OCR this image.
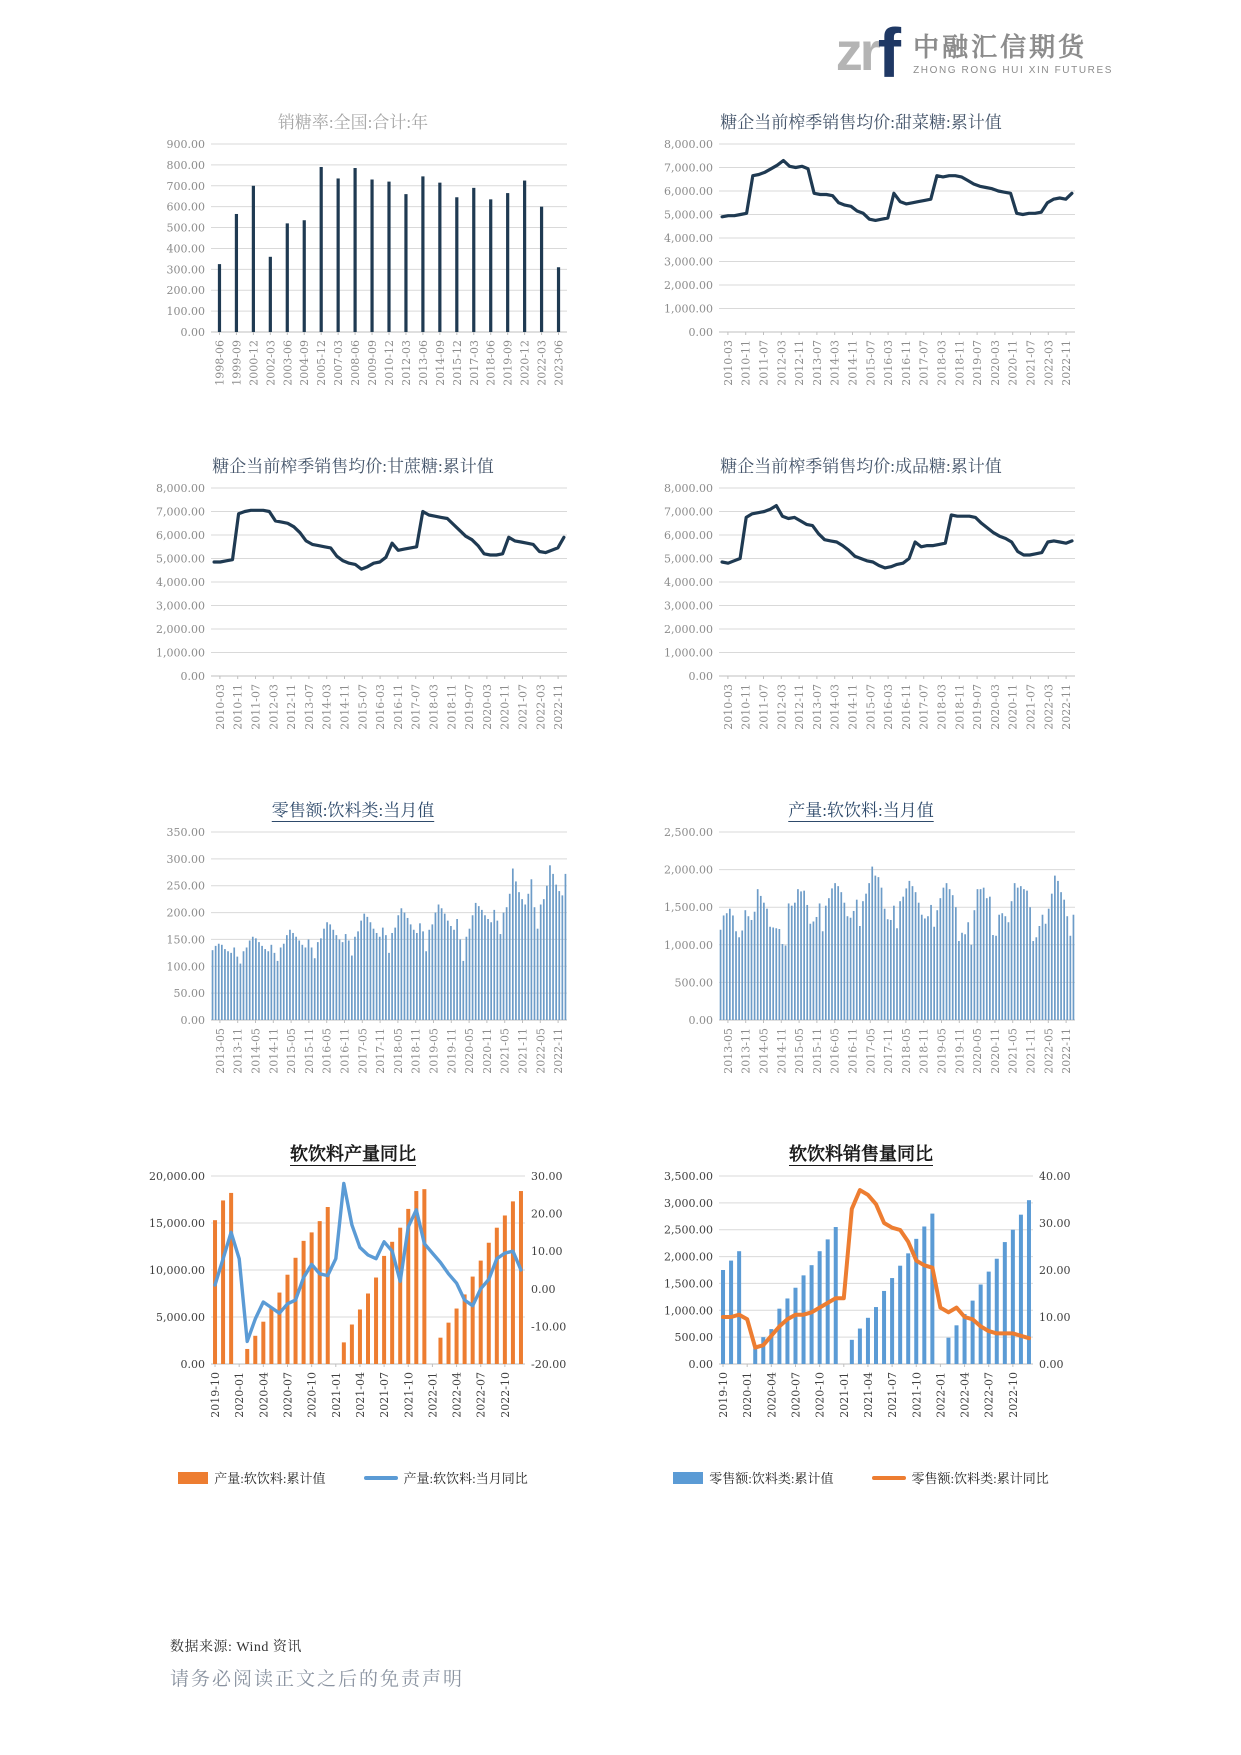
zr f 中融汇信期货
ZHONG RONG HUI XIN FUTURES
销糖率:全国:合计:年
0.00
100.00
200.00
300.00
400.00
500.00
600.00
700.00
800.00
900.00
1998-06 1999-09 2000-12 2002-03 2003-06 2004-09 2005-12 2007-03 2008-06 2009-09 2010-12 2012-03 2013-06 2014-09 2015-12 2017-03 2018-06 2019-09 2020-12 2022-03 2023-06
糖企当前榨季销售均价:甜菜糖:累计值
0.00
1,000.00
2,000.00
3,000.00
4,000.00
5,000.00
6,000.00
7,000.00
8,000.00
2010-03 2010-11 2011-07 2012-03 2012-11 2013-07 2014-03 2014-11 2015-07 2016-03 2016-11 2017-07 2018-03 2018-11 2019-07 2020-03 2020-11 2021-07 2022-03 2022-11
糖企当前榨季销售均价:甘蔗糖:累计值
0.00
1,000.00
2,000.00
3,000.00
4,000.00
5,000.00
6,000.00
7,000.00
8,000.00
2010-03 2010-11 2011-07 2012-03 2012-11 2013-07 2014-03 2014-11 2015-07 2016-03 2016-11 2017-07 2018-03 2018-11 2019-07 2020-03 2020-11 2021-07 2022-03 2022-11
糖企当前榨季销售均价:成品糖:累计值
0.00
1,000.00
2,000.00
3,000.00
4,000.00
5,000.00
6,000.00
7,000.00
8,000.00
2010-03 2010-11 2011-07 2012-03 2012-11 2013-07 2014-03 2014-11 2015-07 2016-03 2016-11 2017-07 2018-03 2018-11 2019-07 2020-03 2020-11 2021-07 2022-03 2022-11
零售额:饮料类:当月值
0.00
50.00
100.00
150.00
200.00
250.00
300.00
350.00
2013-05 2013-11 2014-05 2014-11 2015-05 2015-11 2016-05 2016-11 2017-05 2017-11 2018-05 2018-11 2019-05 2019-11 2020-05 2020-11 2021-05 2021-11 2022-05 2022-11
产量:软饮料:当月值
0.00
500.00
1,000.00
1,500.00
2,000.00
2,500.00
2013-05 2013-11 2014-05 2014-11 2015-05 2015-11 2016-05 2016-11 2017-05 2017-11 2018-05 2018-11 2019-05 2019-11 2020-05 2020-11 2021-05 2021-11 2022-05 2022-11
软饮料产量同比
0.00
5,000.00
10,000.00
15,000.00
20,000.00
-20.00
-10.00
0.00
10.00
20.00
30.00
2019-10 2020-01 2020-04 2020-07 2020-10 2021-01 2021-04 2021-07 2021-10 2022-01 2022-04 2022-07 2022-10
产量:软饮料:累计值	产量:软饮料:当月同比
软饮料销售量同比
0.00
500.00
1,000.00
1,500.00
2,000.00
2,500.00
3,000.00
3,500.00
0.00
10.00
20.00
30.00
40.00
2019-10 2020-01 2020-04 2020-07 2020-10 2021-01 2021-04 2021-07 2021-10 2022-01 2022-04 2022-07 2022-10
零售额:饮料类:累计值	零售额:饮料类:累计同比
数据来源: Wind 资讯
请务必阅读正文之后的免责声明
